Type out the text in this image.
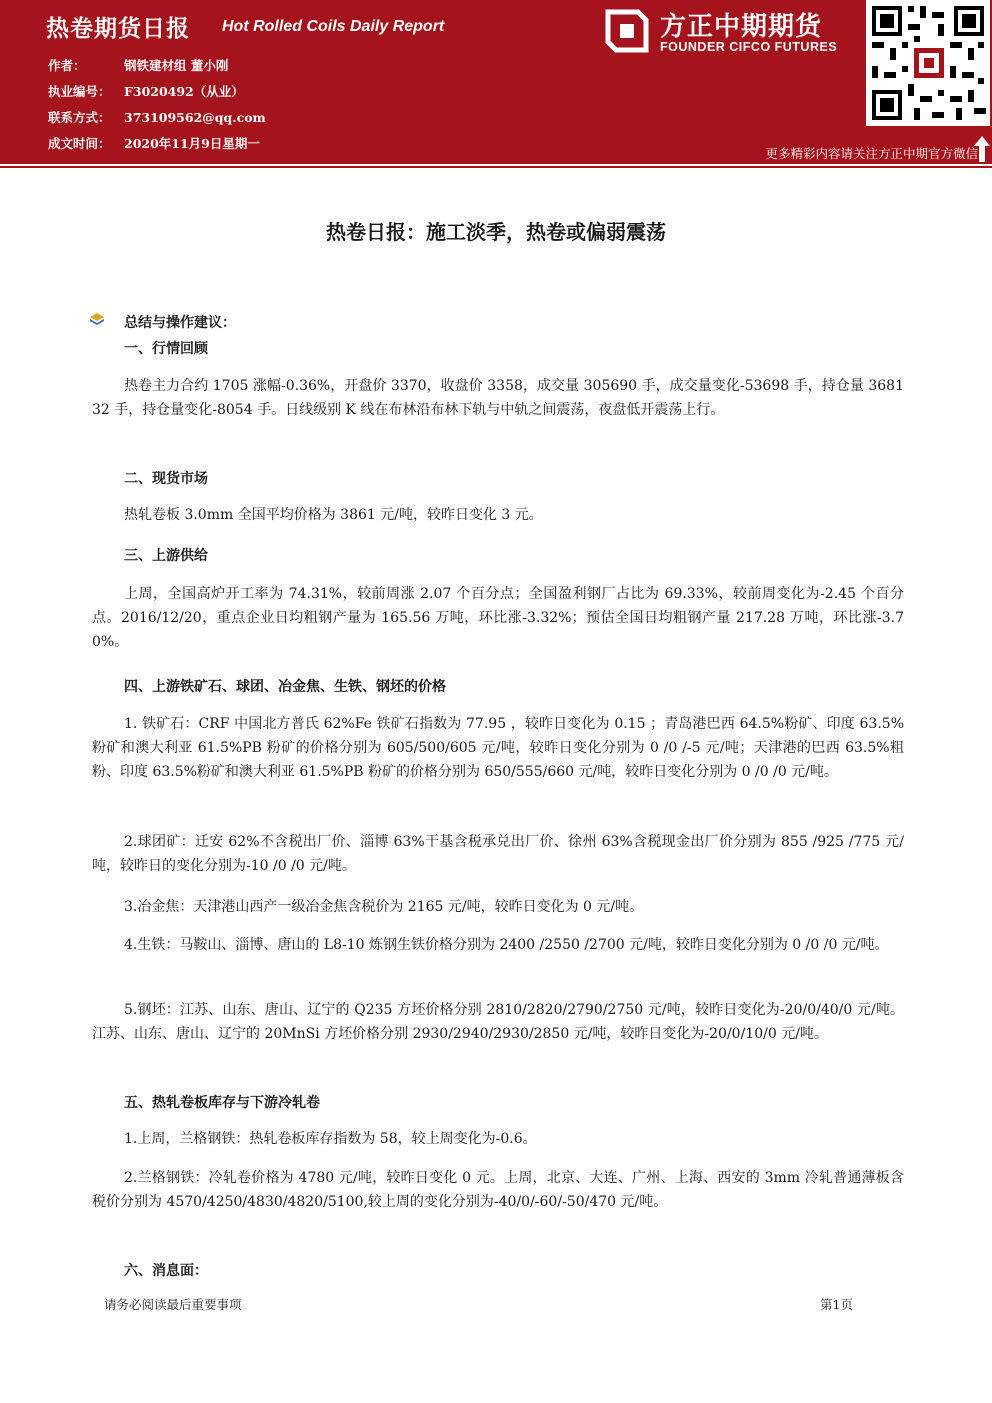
热卷期货日报 Hot Rolled Coils Daily Report
作者：	钢铁建材组 董小刚
执业编号： F3020492（从业）
联系方式： 373109562@qq.com
成文时间： 2020年11月9日星期一
方正中期期货
FOUNDER CIFCO FUTURES
更多精彩内容请关注方正中期官方微信
热卷日报：施工淡季，热卷或偏弱震荡
总结与操作建议：
一、行情回顾
热卷主力合约 1705 涨幅-0.36%，开盘价 3370，收盘价 3358，成交量 305690 手，成交量变化-53698 手，持仓量 368132 手，持仓量变化-8054 手。日线级别 K 线在布林沿布林下轨与中轨之间震荡，夜盘低开震荡上行。
二、现货市场
热轧卷板 3.0mm 全国平均价格为 3861 元/吨，较昨日变化 3 元。
三、上游供给
上周，全国高炉开工率为 74.31%，较前周涨 2.07 个百分点；全国盈利钢厂占比为 69.33%，较前周变化为-2.45 个百分点。2016/12/20，重点企业日均粗钢产量为 165.56 万吨，环比涨-3.32%；预估全国日均粗钢产量 217.28 万吨，环比涨-3.70%。
四、上游铁矿石、球团、冶金焦、生铁、钢坯的价格
1. 铁矿石：CRF 中国北方普氏 62%Fe 铁矿石指数为 77.95 ，较昨日变化为 0.15 ；青岛港巴西 64.5%粉矿、印度 63.5%粉矿和澳大利亚 61.5%PB 粉矿的价格分别为 605/500/605 元/吨，较昨日变化分别为 0 /0 /-5 元/吨；天津港的巴西 63.5%粗粉、印度 63.5%粉矿和澳大利亚 61.5%PB 粉矿的价格分别为 650/555/660 元/吨，较昨日变化分别为 0 /0 /0 元/吨。
2.球团矿：迁安 62%不含税出厂价、淄博 63%干基含税承兑出厂价、徐州 63%含税现金出厂价分别为 855 /925 /775 元/吨，较昨日的变化分别为-10 /0 /0 元/吨。
3.冶金焦：天津港山西产一级冶金焦含税价为 2165 元/吨，较昨日变化为 0 元/吨。
4.生铁：马鞍山、淄博、唐山的 L8-10 炼钢生铁价格分别为 2400 /2550 /2700 元/吨，较昨日变化分别为 0 /0 /0 元/吨。
5.钢坯：江苏、山东、唐山、辽宁的 Q235 方坯价格分别 2810/2820/2790/2750 元/吨，较昨日变化为-20/0/40/0 元/吨。江苏、山东、唐山、辽宁的 20MnSi 方坯价格分别 2930/2940/2930/2850 元/吨，较昨日变化为-20/0/10/0 元/吨。
五、热轧卷板库存与下游冷轧卷
1.上周，兰格钢铁：热轧卷板库存指数为 58，较上周变化为-0.6。
2.兰格钢铁：冷轧卷价格为 4780 元/吨，较昨日变化 0 元。上周，北京、大连、广州、上海、西安的 3mm 冷轧普通薄板含税价分别为 4570/4250/4830/4820/5100,较上周的变化分别为-40/0/-60/-50/470 元/吨。
六、消息面：
请务必阅读最后重要事项	第1页
